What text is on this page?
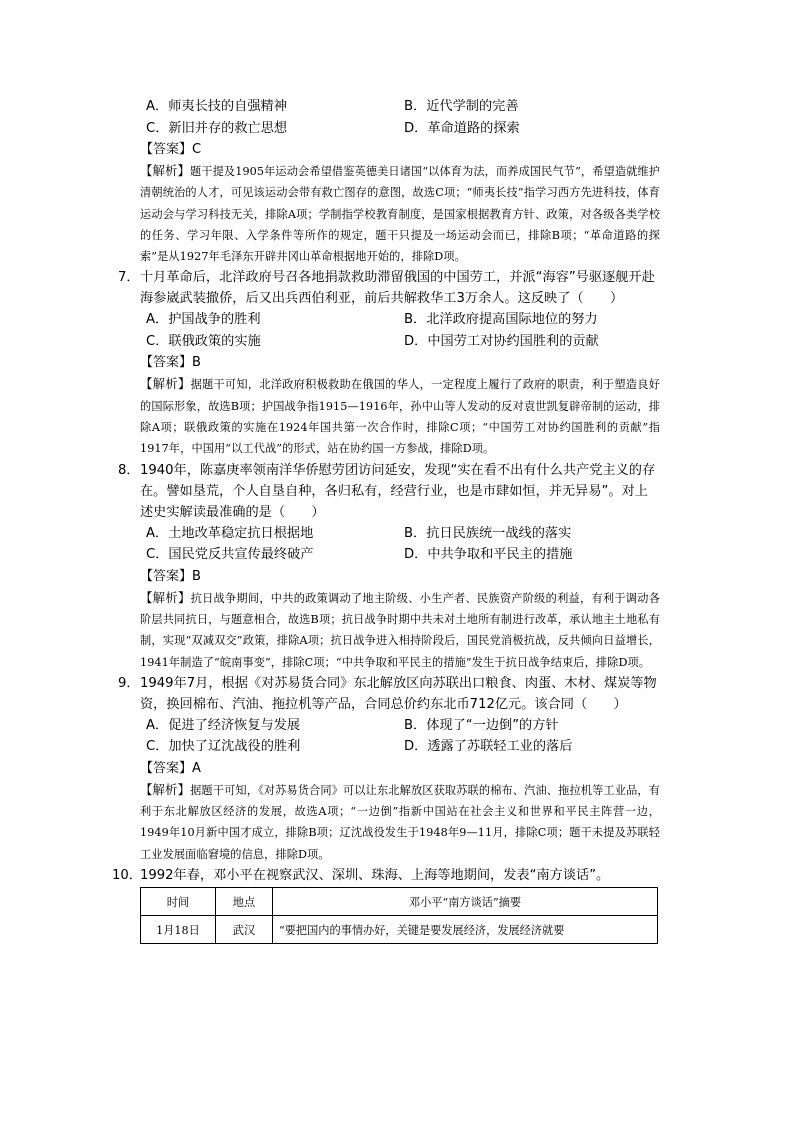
A．师夷长技的自强精神	B．近代学制的完善
C．新旧并存的救亡思想	D．革命道路的探索
【答案】C
【解析】题干提及1905年运动会希望借鉴英德美日诸国“以体育为法，而养成国民气节”，希望造就维护清朝统治的人才，可见该运动会带有救亡图存的意图，故选C项；“师夷长技”指学习西方先进科技，体育运动会与学习科技无关，排除A项；学制指学校教育制度，是国家根据教育方针、政策，对各级各类学校的任务、学习年限、入学条件等所作的规定，题干只提及一场运动会而已，排除B项；“革命道路的探索”是从1927年毛泽东开辟井冈山革命根据地开始的，排除D项。
7． 十月革命后，北洋政府号召各地捐款救助滞留俄国的中国劳工，并派“海容”号驱逐舰开赴海参崴武装撤侨，后又出兵西伯利亚，前后共解救华工3万余人。这反映了（　　）
A．护国战争的胜利	B．北洋政府提高国际地位的努力
C．联俄政策的实施	D．中国劳工对协约国胜利的贡献
【答案】B
【解析】据题干可知，北洋政府积极救助在俄国的华人，一定程度上履行了政府的职责，利于塑造良好的国际形象，故选B项；护国战争指1915—1916年，孙中山等人发动的反对袁世凯复辟帝制的运动，排除A项；联俄政策的实施在1924年国共第一次合作时，排除C项；“中国劳工对协约国胜利的贡献”指1917年，中国用“以工代战”的形式，站在协约国一方参战，排除D项。
8． 1940年，陈嘉庚率领南洋华侨慰劳团访问延安，发现“实在看不出有什么共产党主义的存在。譬如垦荒，个人自垦自种，各归私有，经营行业，也是市肆如恒，并无异易”。对上述史实解读最准确的是（　　）
A．土地改革稳定抗日根据地	B．抗日民族统一战线的落实
C．国民党反共宣传最终破产	D．中共争取和平民主的措施
【答案】B
【解析】抗日战争期间，中共的政策调动了地主阶级、小生产者、民族资产阶级的利益，有利于调动各阶层共同抗日，与题意相合，故选B项；抗日战争时期中共未对土地所有制进行改革，承认地主土地私有制，实现“双减双交”政策，排除A项；抗日战争进入相持阶段后，国民党消极抗战，反共倾向日益增长，1941年制造了“皖南事变”，排除C项；“中共争取和平民主的措施”发生于抗日战争结束后，排除D项。
9． 1949年7月，根据《对苏易货合同》东北解放区向苏联出口粮食、肉蛋、木材、煤炭等物资，换回棉布、汽油、拖拉机等产品，合同总价约东北币712亿元。该合同（　　）
A．促进了经济恢复与发展	B．体现了“一边倒”的方针
C．加快了辽沈战役的胜利	D．透露了苏联轻工业的落后
【答案】A
【解析】据题干可知，《对苏易货合同》可以让东北解放区获取苏联的棉布、汽油、拖拉机等工业品，有利于东北解放区经济的发展，故选A项；“一边倒”指新中国站在社会主义和世界和平民主阵营一边，1949年10月新中国才成立，排除B项；辽沈战役发生于1948年9—11月，排除C项；题干未提及苏联轻工业发展面临窘境的信息，排除D项。
10．
1992年春，邓小平在视察武汉、深圳、珠海、上海等地期间，发表“南方谈话”。
时间	地点	邓小平“南方谈话”摘要
1月18日	武汉	“要把国内的事情办好，关键是要发展经济，发展经济就要
